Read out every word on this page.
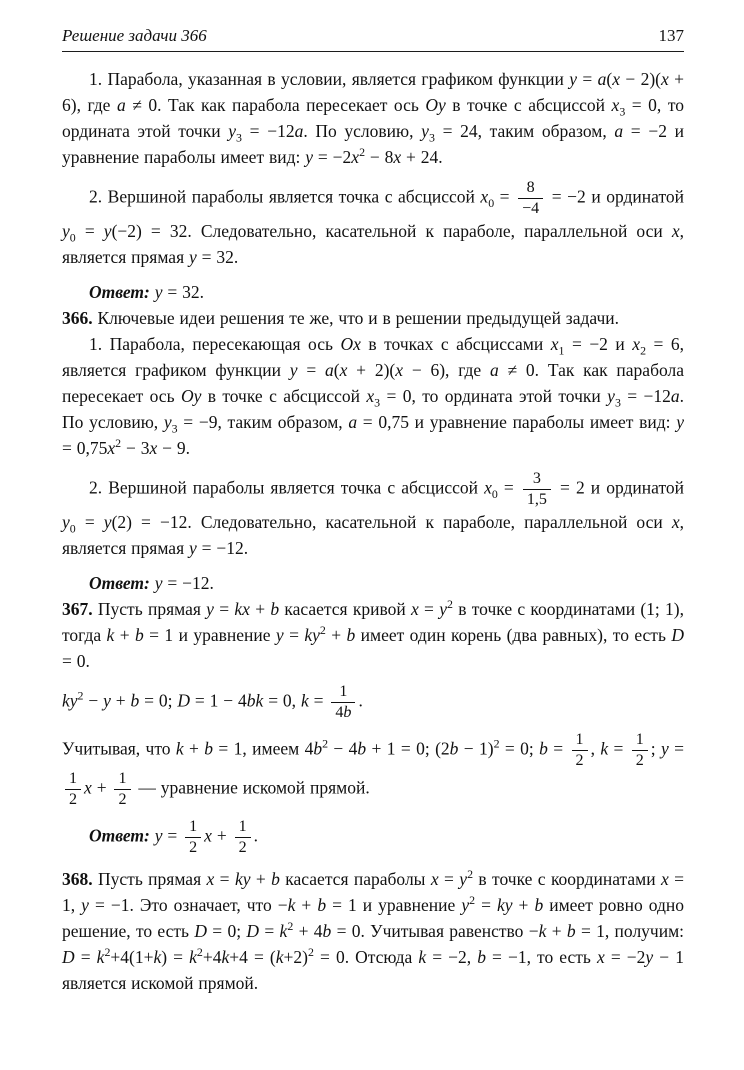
Решение задачи 366	137

1. Парабола, указанная в условии, является графиком функции y = a(x − 2)(x + 6), где a ≠ 0. Так как парабола пересекает ось Oy в точке с абсциссой $x_3 = 0$, то ордината этой точки $y_3 = -12a$. По условию, $y_3 = 24$, таким образом, a = −2 и уравнение параболы имеет вид: $y = -2x^2 - 8x + 24$.

2. Вершиной параболы является точка с абсциссой $x_0 = \frac{8}{-4} = -2$ и ординатой $y_0 = y(-2) = 32$. Следовательно, касательной к параболе, параллельной оси x, является прямая y = 32.

Ответ: y = 32.

366. Ключевые идеи решения те же, что и в решении предыдущей задачи.

1. Парабола, пересекающая ось Ox в точках с абсциссами $x_1 = -2$ и $x_2 = 6$, является графиком функции y = a(x + 2)(x − 6), где a ≠ 0. Так как парабола пересекает ось Oy в точке с абсциссой $x_3 = 0$, то ордината этой точки $y_3 = -12a$. По условию, $y_3 = -9$, таким образом, a = 0,75 и уравнение параболы имеет вид: $y = 0,75x^2 - 3x - 9$.

2. Вершиной параболы является точка с абсциссой $x_0 = \frac{3}{1,5} = 2$ и ординатой $y_0 = y(2) = -12$. Следовательно, касательной к параболе, параллельной оси x, является прямая y = −12.

Ответ: y = −12.

367. Пусть прямая y = kx + b касается кривой $x = y^2$ в точке с координатами (1; 1), тогда k + b = 1 и уравнение $y = ky^2 + b$ имеет один корень (два равных), то есть D = 0.

$ky^2 - y + b = 0$; D = 1 − 4bk = 0, $k = \frac{1}{4b}$ .

Учитывая, что k + b = 1, имеем $4b^2 - 4b + 1 = 0$; $(2b - 1)^2 = 0$; $b = \frac{1}{2}$ , $k = \frac{1}{2}$ ; y =
$\frac{1}{2}$ $x + \frac{1}{2}$ — уравнение искомой прямой.

Ответ: $y = \frac{1}{2}$ $x + \frac{1}{2}$ .

368. Пусть прямая x = ky + b касается параболы $x = y^2$ в точке с координатами x = 1, y = −1. Это означает, что −k + b = 1 и уравнение $y^2$ = ky + b имеет ровно одно решение, то есть D = 0; $D = k^2 + 4b = 0$. Учитывая равенство −k + b = 1, получим: $D = k^2+4(1+k) = k^2+4k+4 = (k+2)^2 = 0$. Отсюда k = −2, b = −1, то есть x = −2y − 1 является искомой прямой.
